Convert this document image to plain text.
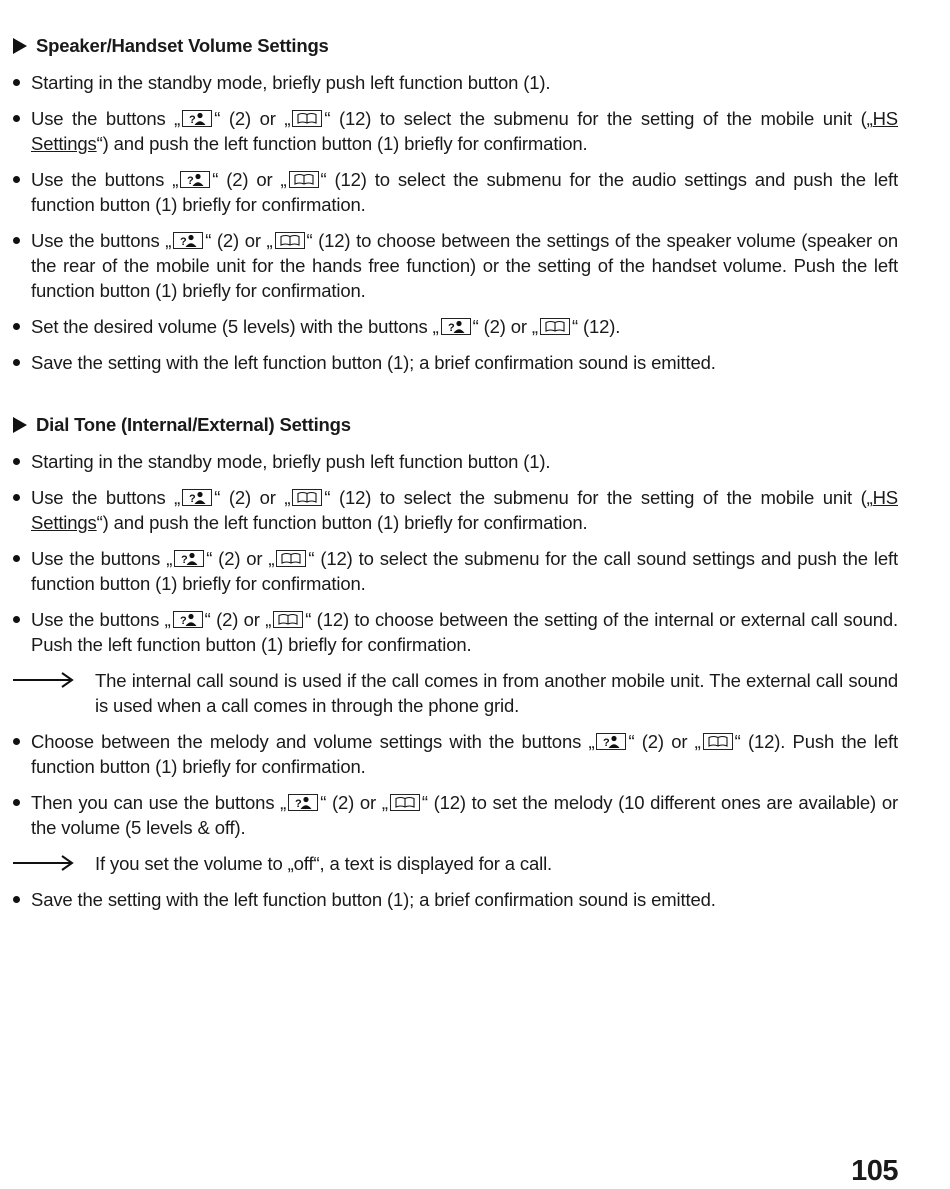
Speaker/Handset Volume Settings
Starting in the standby mode, briefly push left function button (1).
Use the buttons „ ? “ (2) or „ “ (12) to select the submenu for the setting of the mobile unit („HS Settings“) and push the left function button (1) briefly for confirmation.
Use the buttons „ ? “ (2) or „ “ (12) to select the submenu for the audio settings and push the left function button (1) briefly for confirmation.
Use the buttons „ ? “ (2) or „ “ (12) to choose between the settings of the speaker volume (speaker on the rear of the mobile unit for the hands free function) or the setting of the handset volume. Push the left function button (1) briefly for confirmation.
Set the desired volume (5 levels) with the buttons „ ? “ (2) or „ “ (12).
Save the setting with the left function button (1); a brief confirmation sound is emitted.
Dial Tone (Internal/External) Settings
Starting in the standby mode, briefly push left function button (1).
Use the buttons „ ? “ (2) or „ “ (12) to select the submenu for the setting of the mobile unit („HS Settings“) and push the left function button (1) briefly for confirmation.
Use the buttons „ ? “ (2) or „ “ (12) to select the submenu for the call sound settings and push the left function button (1) briefly for confirmation.
Use the buttons „ ? “ (2) or „ “ (12) to choose between the setting of the internal or external call sound. Push the left function button (1) briefly for confirmation.
The internal call sound is used if the call comes in from another mobile unit. The external call sound is used when a call comes in through the phone grid.
Choose between the melody and volume settings with the buttons „ ? “ (2) or „ “ (12). Push the left function button (1) briefly for confirmation.
Then you can use the buttons „ ? “ (2) or „ “ (12) to set the melody (10 different ones are available) or the volume (5 levels & off).
If you set the volume to „off“, a text is displayed for a call.
Save the setting with the left function button (1); a brief confirmation sound is emitted.
105
